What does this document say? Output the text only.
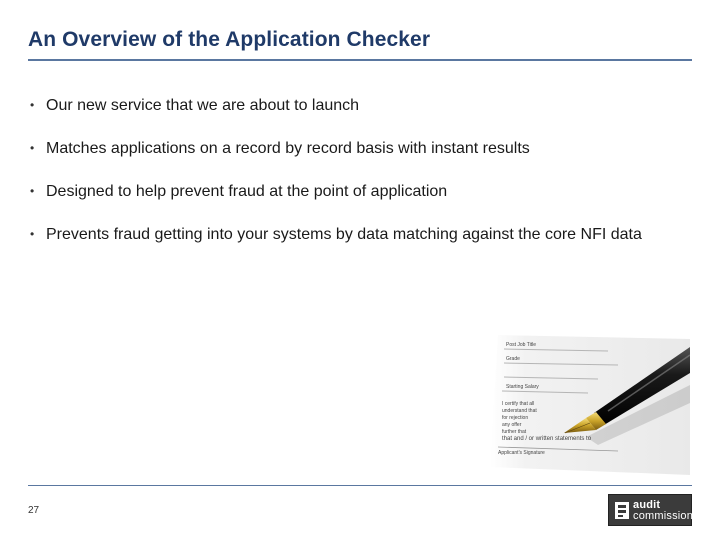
An Overview of the Application Checker
• Our new service that we are about to launch
• Matches applications on a record by record basis with instant results
• Designed to help prevent fraud at the point of application
• Prevents fraud getting into your systems by data matching against the core NFI data
Post Job Title
Grade
Starting Salary
I certify that all
understand that
for rejection
any offer
further that
that and / or written statements to
Applicant's Signature
27	audit
commission
